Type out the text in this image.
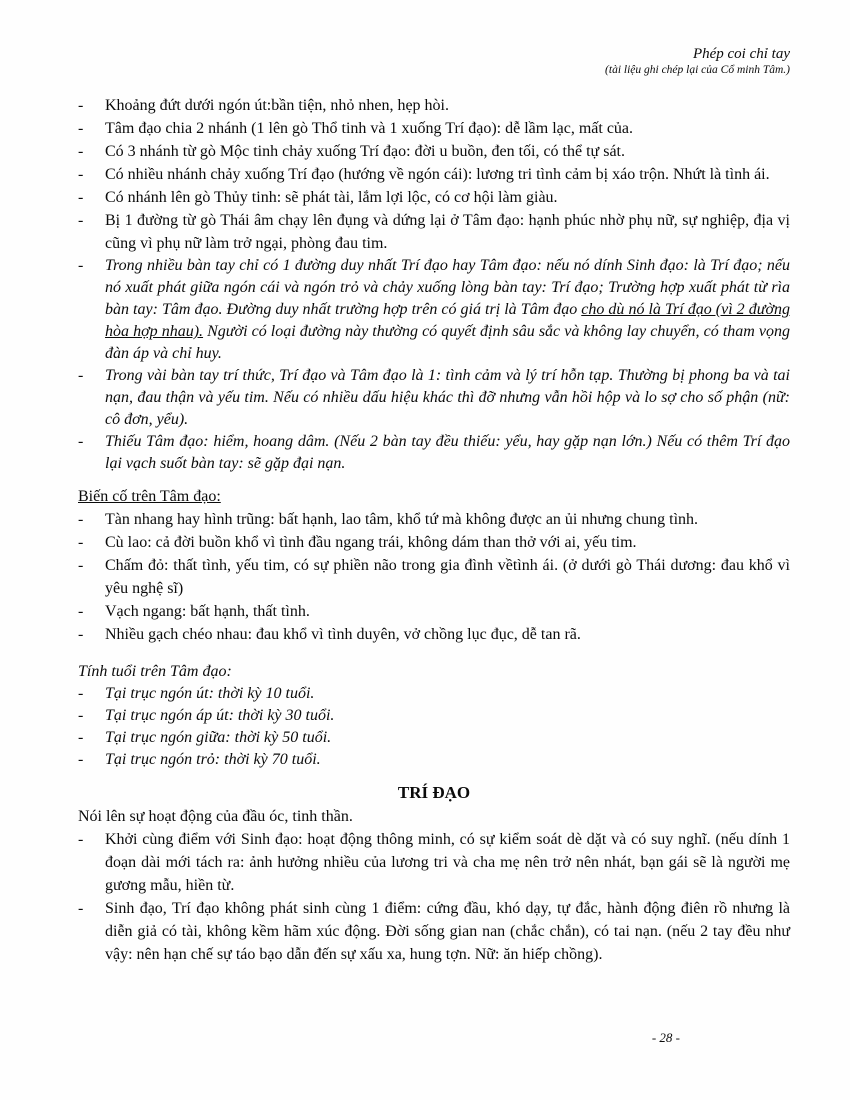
Phép coi chỉ tay
(tài liệu ghi chép lại của Cổ minh Tâm.)
-	Khoảng đứt dưới ngón út:bần tiện, nhỏ nhen, hẹp hòi.
-	Tâm đạo chia 2 nhánh (1 lên gò Thổ tinh và 1 xuống Trí đạo): dễ lầm lạc, mất của.
-	Có 3 nhánh từ gò Mộc tinh chảy xuống Trí đạo: đời u buồn, đen tối, có thể tự sát.
-	Có nhiều nhánh chảy xuống Trí đạo (hướng về ngón cái): lương tri tình cảm bị xáo trộn. Nhứt là tình ái.
-	Có nhánh lên gò Thủy tinh: sẽ phát tài, lắm lợi lộc, có cơ hội làm giàu.
-	Bị 1 đường từ gò Thái âm chạy lên đụng và dứng lại ở Tâm đạo: hạnh phúc nhờ phụ nữ, sự nghiệp, địa vị cũng vì phụ nữ làm trở ngại, phòng đau tim.
-	Trong nhiều bàn tay chỉ có 1 đường duy nhất Trí đạo hay Tâm đạo: nếu nó dính Sinh đạo: là Trí đạo; nếu nó xuất phát giữa ngón cái và ngón trỏ và chảy xuống lòng bàn tay: Trí đạo; Trường hợp xuất phát từ rìa bàn tay: Tâm đạo. Đường duy nhất trường hợp trên có giá trị là Tâm đạo cho dù nó là Trí đạo (vì 2 đường hòa hợp nhau). Người có loại đường này thường có quyết định sâu sắc và không lay chuyển, có tham vọng đàn áp và chỉ huy.
-	Trong vài bàn tay trí thức, Trí đạo và Tâm đạo là 1: tình cảm và lý trí hỗn tạp. Thường bị phong ba và tai nạn, đau thận và yếu tim. Nếu có nhiều dấu hiệu khác thì đỡ nhưng vẫn hồi hộp và lo sợ cho số phận (nữ: cô đơn, yểu).
-	Thiếu Tâm đạo: hiểm, hoang dâm. (Nếu 2 bàn tay đều thiếu: yểu, hay gặp nạn lớn.) Nếu có thêm Trí đạo lại vạch suốt bàn tay: sẽ gặp đại nạn.
Biến cố trên Tâm đạo:
-	Tàn nhang hay hình trũng: bất hạnh, lao tâm, khổ tứ mà không được an ủi nhưng chung tình.
-	Cù lao: cả đời buồn khổ vì tình đầu ngang trái, không dám than thở với ai, yếu tim.
-	Chấm đỏ: thất tình, yếu tim, có sự phiền não trong gia đình vềtình ái. (ở dưới gò Thái dương: đau khổ vì yêu nghệ sĩ)
-	Vạch ngang: bất hạnh, thất tình.
-	Nhiều gạch chéo nhau: đau khổ vì tình duyên, vở chồng lục đục, dễ tan rã.
Tính tuổi trên Tâm đạo:
-	Tại trục ngón út: thời kỳ 10 tuổi.
-	Tại trục ngón áp út: thời kỳ 30 tuổi.
-	Tại trục ngón giữa: thời kỳ 50 tuổi.
-	Tại trục ngón trỏ: thời kỳ 70 tuổi.
TRÍ ĐẠO
Nói lên sự hoạt động của đầu óc, tinh thần.
-	Khởi cùng điểm với Sinh đạo: hoạt động thông minh, có sự kiểm soát dè dặt và có suy nghĩ. (nếu dính 1 đoạn dài mới tách ra: ảnh hưởng nhiều của lương tri và cha mẹ nên trở nên nhát, bạn gái sẽ là người mẹ gương mẫu, hiền từ.
-	Sinh đạo, Trí đạo không phát sinh cùng 1 điểm: cứng đầu, khó dạy, tự đắc, hành động điên rồ nhưng là diễn giả có tài, không kềm hãm xúc động. Đời sống gian nan (chắc chắn), có tai nạn. (nếu 2 tay đều như vậy: nên hạn chế sự táo bạo dẫn đến sự xấu xa, hung tợn. Nữ: ăn hiếp chồng).
- 28 -
